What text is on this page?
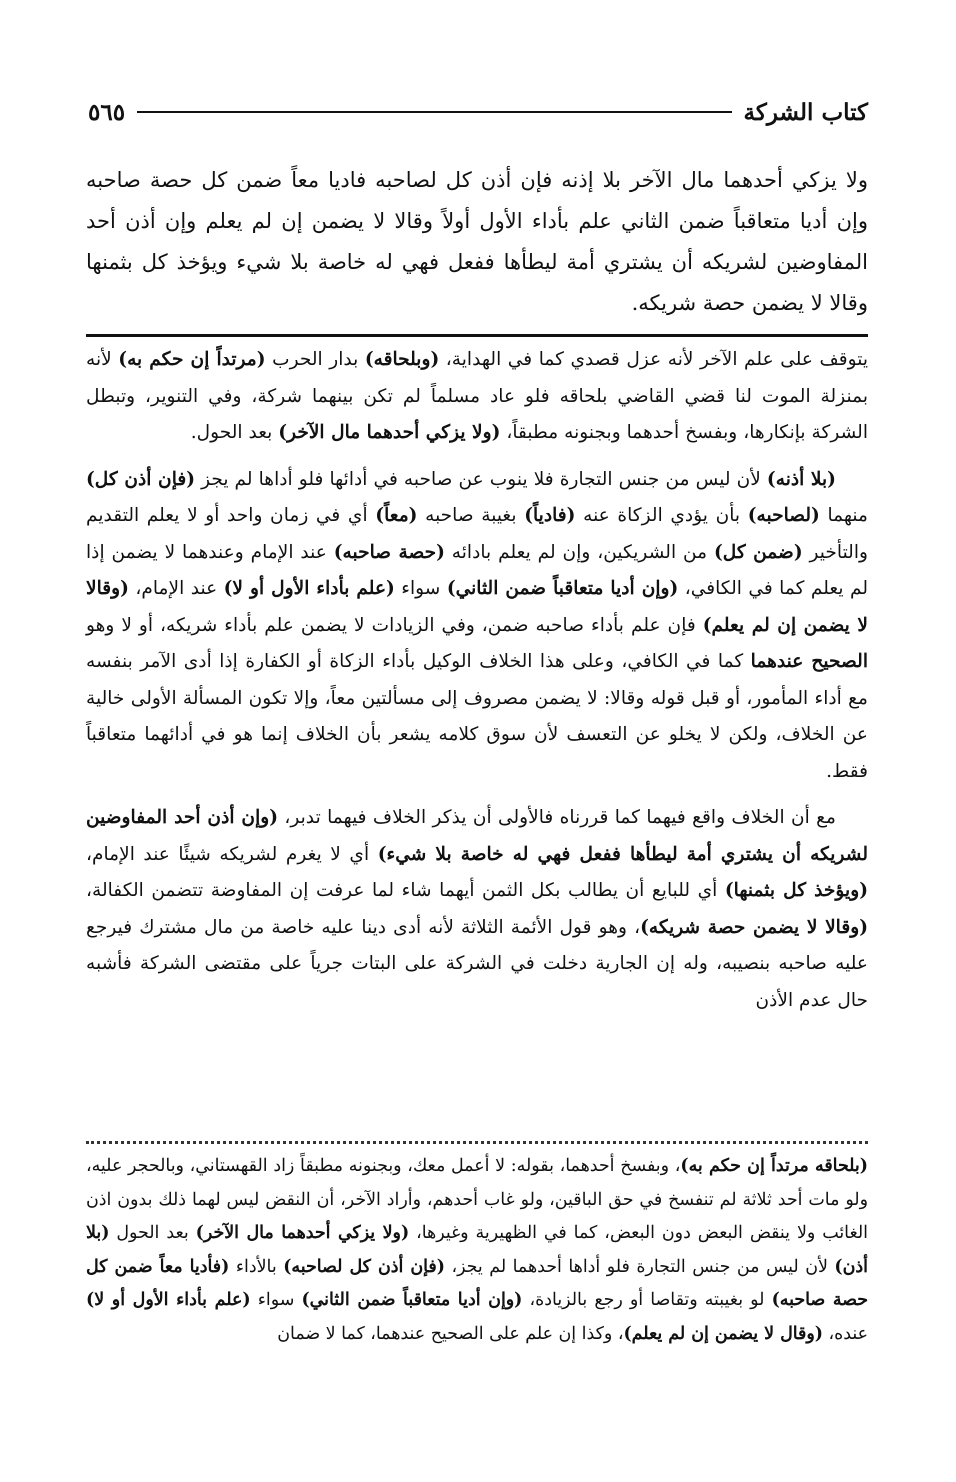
كتاب الشركة
٥٦٥

ولا يزكي أحدهما مال الآخر بلا إذنه فإن أذن كل لصاحبه فاديا معاً ضمن كل حصة صاحبه وإن أديا متعاقباً ضمن الثاني علم بأداء الأول أولاً وقالا لا يضمن إن لم يعلم وإن أذن أحد المفاوضين لشريكه أن يشتري أمة ليطأها ففعل فهي له خاصة بلا شيء ويؤخذ كل بثمنها وقالا لا يضمن حصة شريكه.

يتوقف على علم الآخر لأنه عزل قصدي كما في الهداية، (وبلحاقه) بدار الحرب (مرتداً إن حكم به) لأنه بمنزلة الموت لنا قضي القاضي بلحاقه فلو عاد مسلماً لم تكن بينهما شركة، وفي التنوير، وتبطل الشركة بإنكارها، وبفسخ أحدهما وبجنونه مطبقاً، (ولا يزكي أحدهما مال الآخر) بعد الحول.

(بلا أذنه) لأن ليس من جنس التجارة فلا ينوب عن صاحبه في أدائها فلو أداها لم يجز (فإن أذن كل) منهما (لصاحبه) بأن يؤدي الزكاة عنه (فادياً) بغيبة صاحبه (معاً) أي في زمان واحد أو لا يعلم التقديم والتأخير (ضمن كل) من الشريكين، وإن لم يعلم بادائه (حصة صاحبه) عند الإمام وعندهما لا يضمن إذا لم يعلم كما في الكافي، (وإن أديا متعاقباً ضمن الثاني) سواء (علم بأداء الأول أو لا) عند الإمام، (وقالا لا يضمن إن لم يعلم) فإن علم بأداء صاحبه ضمن، وفي الزيادات لا يضمن علم بأداء شريكه، أو لا وهو الصحيح عندهما كما في الكافي، وعلى هذا الخلاف الوكيل بأداء الزكاة أو الكفارة إذا أدى الآمر بنفسه مع أداء المأمور، أو قبل قوله وقالا: لا يضمن مصروف إلى مسألتين معاً، وإلا تكون المسألة الأولى خالية عن الخلاف، ولكن لا يخلو عن التعسف لأن سوق كلامه يشعر بأن الخلاف إنما هو في أدائهما متعاقباً فقط.

مع أن الخلاف واقع فيهما كما قررناه فالأولى أن يذكر الخلاف فيهما تدبر، (وإن أذن أحد المفاوضين لشريكه أن يشتري أمة ليطأها ففعل فهي له خاصة بلا شيء) أي لا يغرم لشريكه شيئًا عند الإمام، (ويؤخذ كل بثمنها) أي للبايع أن يطالب بكل الثمن أيهما شاء لما عرفت إن المفاوضة تتضمن الكفالة، (وقالا لا يضمن حصة شريكه)، وهو قول الأئمة الثلاثة لأنه أدى دينا عليه خاصة من مال مشترك فيرجع عليه صاحبه بنصيبه، وله إن الجارية دخلت في الشركة على البتات جرياً على مقتضى الشركة فأشبه حال عدم الأذن

(بلحاقه مرتداً إن حكم به)، وبفسخ أحدهما، بقوله: لا أعمل معك، وبجنونه مطبقاً زاد القهستاني، وبالحجر عليه، ولو مات أحد ثلاثة لم تنفسخ في حق الباقين، ولو غاب أحدهم، وأراد الآخر، أن النقض ليس لهما ذلك بدون اذن الغائب ولا ينقض البعض دون البعض، كما في الظهيرية وغيرها، (ولا يزكي أحدهما مال الآخر) بعد الحول (بلا أذن) لأن ليس من جنس التجارة فلو أداها أحدهما لم يجز، (فإن أذن كل لصاحبه) بالأداء (فأديا معاً ضمن كل حصة صاحبه) لو بغيبته وتقاصا أو رجع بالزيادة، (وإن أديا متعاقباً ضمن الثاني) سواء (علم بأداء الأول أو لا) عنده، (وقال لا يضمن إن لم يعلم)، وكذا إن علم على الصحيح عندهما، كما لا ضمان
